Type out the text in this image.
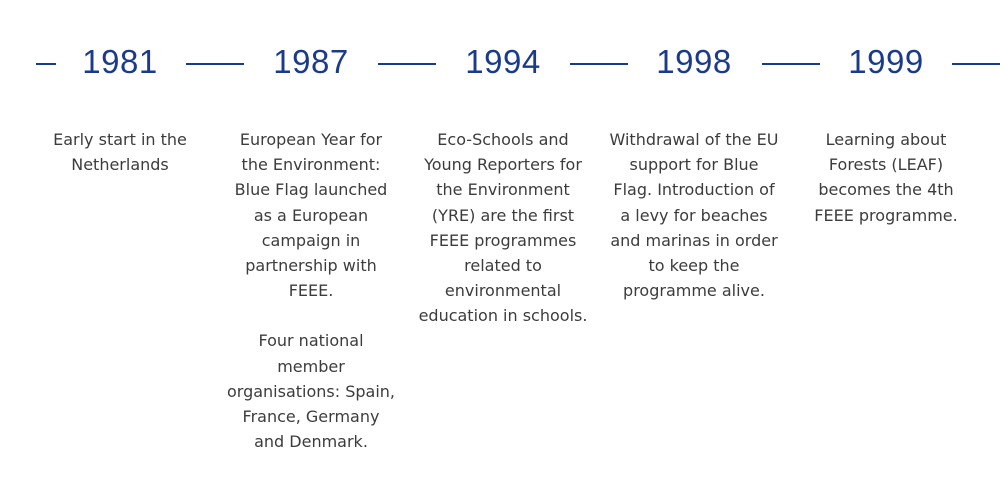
1981

Early start in the Netherlands

1987

European Year for the Environment: Blue Flag launched as a European campaign in partnership with FEEE.

Four national member organisations: Spain, France, Germany and Denmark.

1994

Eco-Schools and Young Reporters for the Environment (YRE) are the first FEEE programmes related to environmental education in schools.

1998

Withdrawal of the EU support for Blue Flag. Introduction of a levy for beaches and marinas in order to keep the programme alive.

1999

Learning about Forests (LEAF) becomes the 4th FEEE programme.
